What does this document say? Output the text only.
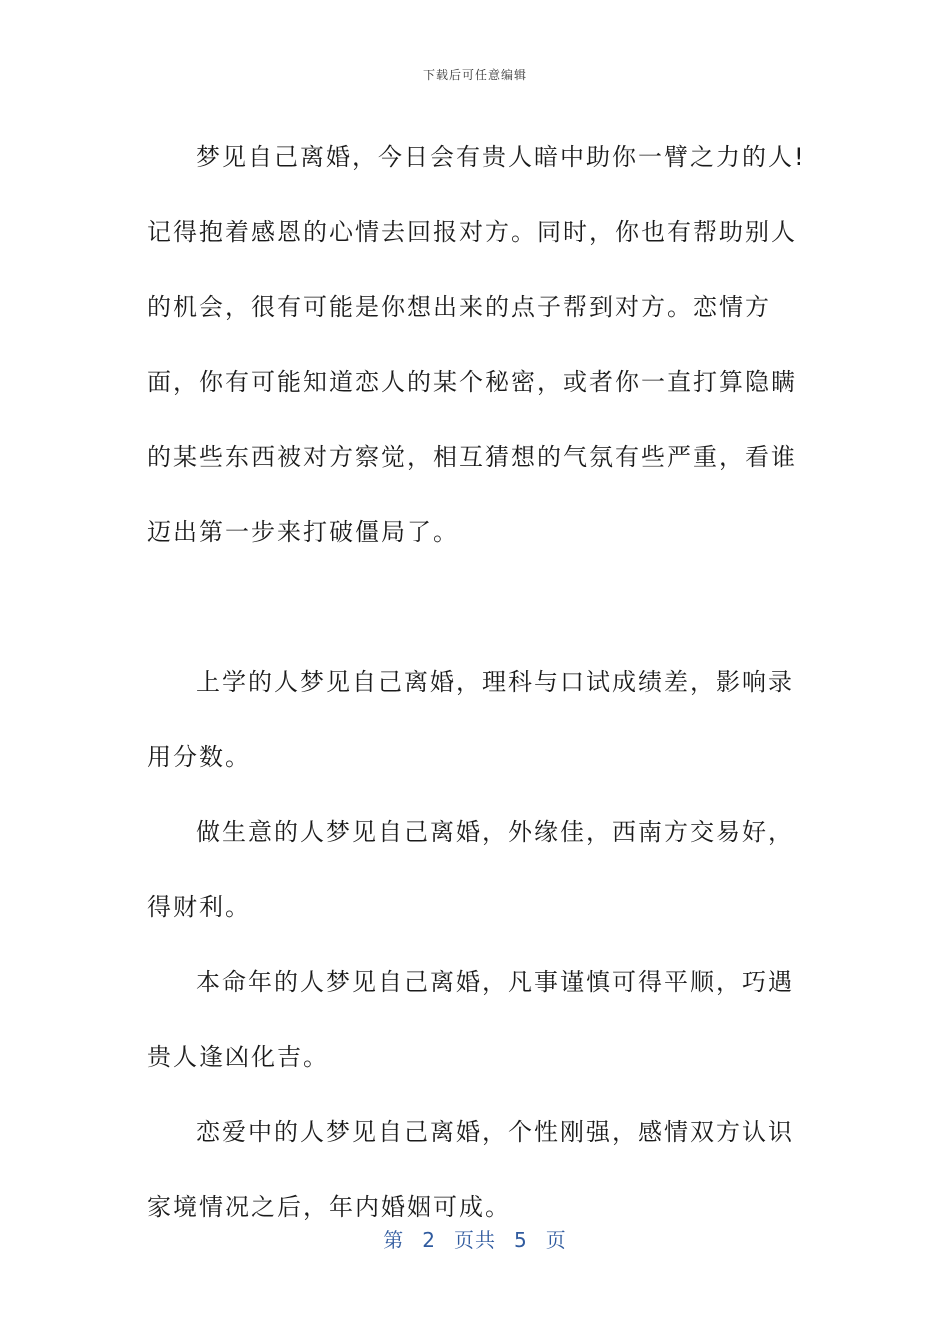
下载后可任意编辑

梦见自己离婚，今日会有贵人暗中助你一臂之力的人!记得抱着感恩的心情去回报对方。同时，你也有帮助别人的机会，很有可能是你想出来的点子帮到对方。恋情方面，你有可能知道恋人的某个秘密，或者你一直打算隐瞒的某些东西被对方察觉，相互猜想的气氛有些严重，看谁迈出第一步来打破僵局了。

上学的人梦见自己离婚，理科与口试成绩差，影响录用分数。

做生意的人梦见自己离婚，外缘佳，西南方交易好，得财利。

本命年的人梦见自己离婚，凡事谨慎可得平顺，巧遇贵人逢凶化吉。

恋爱中的人梦见自己离婚，个性刚强，感情双方认识家境情况之后，年内婚姻可成。

第 2 页共 5 页
